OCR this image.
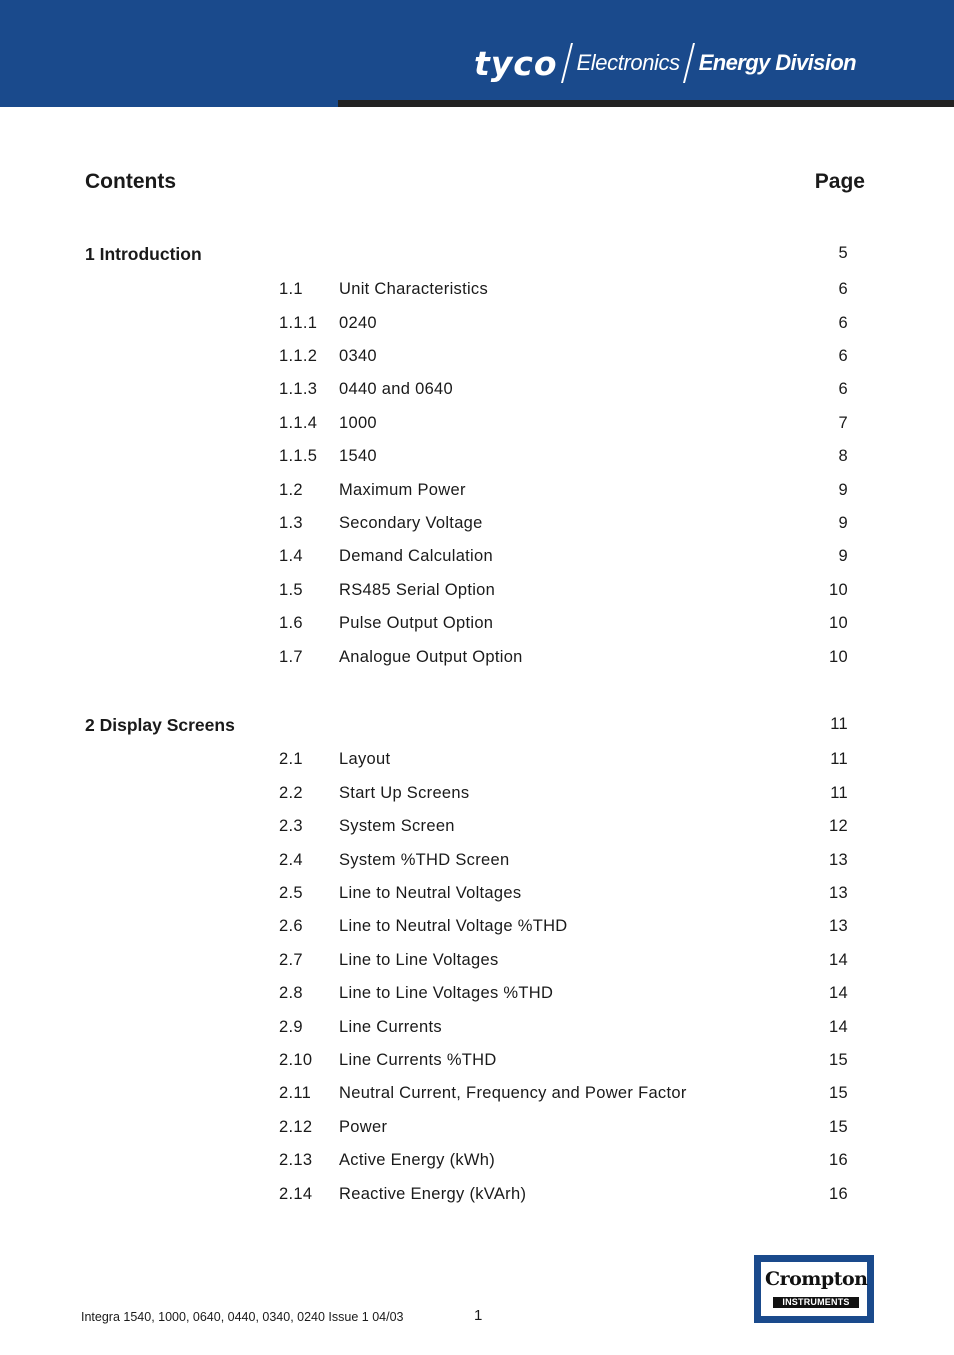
tyco Electronics Energy Division
Contents	Page
1 Introduction	5
1.1 Unit Characteristics	6
1.1.1 0240	6
1.1.2 0340	6
1.1.3 0440 and 0640	6
1.1.4 1000	7
1.1.5 1540	8
1.2 Maximum Power	9
1.3 Secondary Voltage	9
1.4 Demand Calculation	9
1.5 RS485 Serial Option	10
1.6 Pulse Output Option	10
1.7 Analogue Output Option	10
2 Display Screens	11
2.1 Layout	11
2.2 Start Up Screens	11
2.3 System Screen	12
2.4 System %THD Screen	13
2.5 Line to Neutral Voltages	13
2.6 Line to Neutral Voltage %THD	13
2.7 Line to Line Voltages	14
2.8 Line to Line Voltages %THD	14
2.9 Line Currents	14
2.10 Line Currents %THD	15
2.11 Neutral Current, Frequency and Power Factor	15
2.12 Power	15
2.13 Active Energy (kWh)	16
2.14 Reactive Energy (kVArh)	16
Integra 1540, 1000, 0640, 0440, 0340, 0240 Issue 1 04/03	1
Crompton
INSTRUMENTS
